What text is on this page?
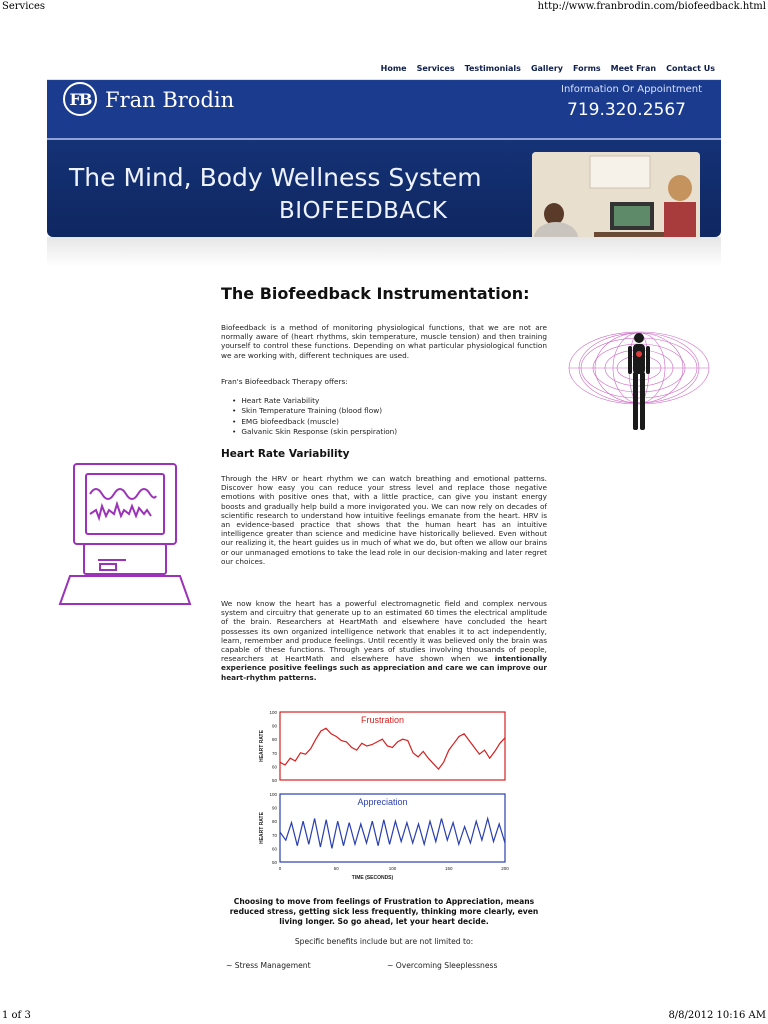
Services	http://www.franbrodin.com/biofeedback.html
1 of 3	8/8/2012 10:16 AM
Home Services Testimonials Gallery Forms Meet Fran Contact Us
FB Fran Brodin	Information Or Appointment
719.320.2567
The Mind, Body Wellness System
BIOFEEDBACK
The Biofeedback Instrumentation:
Biofeedback is a method of monitoring physiological functions, that we are not are normally aware of (heart rhythms, skin temperature, muscle tension) and then training yourself to control these functions. Depending on what particular physiological function we are working with, different techniques are used.
Fran's Biofeedback Therapy offers:
• Heart Rate Variability
• Skin Temperature Training (blood flow)
• EMG biofeedback (muscle)
• Galvanic Skin Response (skin perspiration)
Heart Rate Variability
Through the HRV or heart rhythm we can watch breathing and emotional patterns. Discover how easy you can reduce your stress level and replace those negative emotions with positive ones that, with a little practice, can give you instant energy boosts and gradually help build a more invigorated you. We can now rely on decades of scientific research to understand how intuitive feelings emanate from the heart. HRV is an evidence-based practice that shows that the human heart has an intuitive intelligence greater than science and medicine have historically believed. Even without our realizing it, the heart guides us in much of what we do, but often we allow our brains or our unmanaged emotions to take the lead role in our decision-making and later regret our choices.
We now know the heart has a powerful electromagnetic field and complex nervous system and circuitry that generate up to an estimated 60 times the electrical amplitude of the brain. Researchers at HeartMath and elsewhere have concluded the heart possesses its own organized intelligence network that enables it to act independently, learn, remember and produce feelings. Until recently it was believed only the brain was capable of these functions. Through years of studies involving thousands of people, researchers at HeartMath and elsewhere have shown when we intentionally experience positive feelings such as appreciation and care we can improve our heart-rhythm patterns.
Frustration
100
90
80
70
60
50
HEART RATE
Appreciation
100
90
80
70
60
50
HEART RATE
0	50	100	150	200
TIME (SECONDS)
Choosing to move from feelings of Frustration to Appreciation, means reduced stress, getting sick less frequently, thinking more clearly, even living longer. So go ahead, let your heart decide.
Specific benefits include but are not limited to:
~ Stress Management	~ Overcoming Sleeplessness
